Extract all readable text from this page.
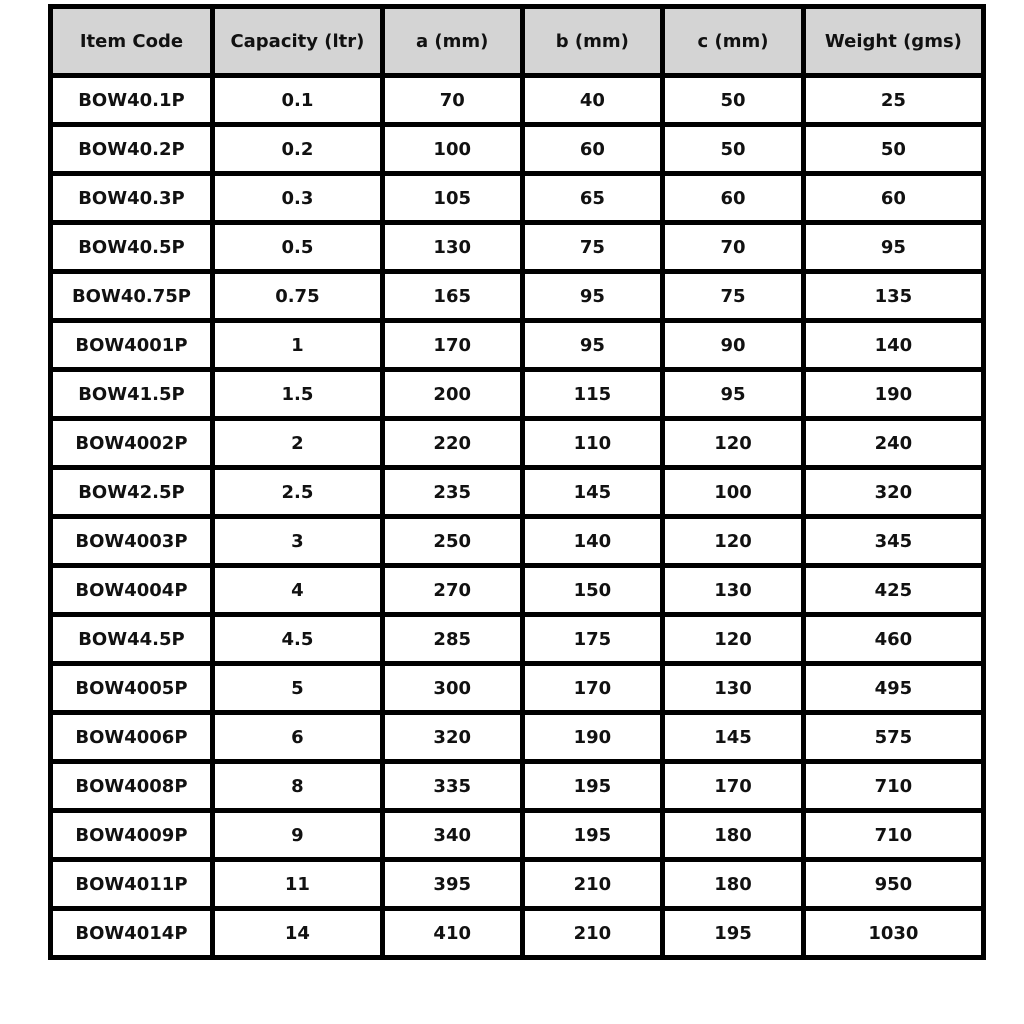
Item Code	Capacity (ltr)	a (mm)	b (mm)	c (mm)	Weight (gms)
BOW40.1P	0.1	70	40	50	25
BOW40.2P	0.2	100	60	50	50
BOW40.3P	0.3	105	65	60	60
BOW40.5P	0.5	130	75	70	95
BOW40.75P	0.75	165	95	75	135
BOW4001P	1	170	95	90	140
BOW41.5P	1.5	200	115	95	190
BOW4002P	2	220	110	120	240
BOW42.5P	2.5	235	145	100	320
BOW4003P	3	250	140	120	345
BOW4004P	4	270	150	130	425
BOW44.5P	4.5	285	175	120	460
BOW4005P	5	300	170	130	495
BOW4006P	6	320	190	145	575
BOW4008P	8	335	195	170	710
BOW4009P	9	340	195	180	710
BOW4011P	11	395	210	180	950
BOW4014P	14	410	210	195	1030
